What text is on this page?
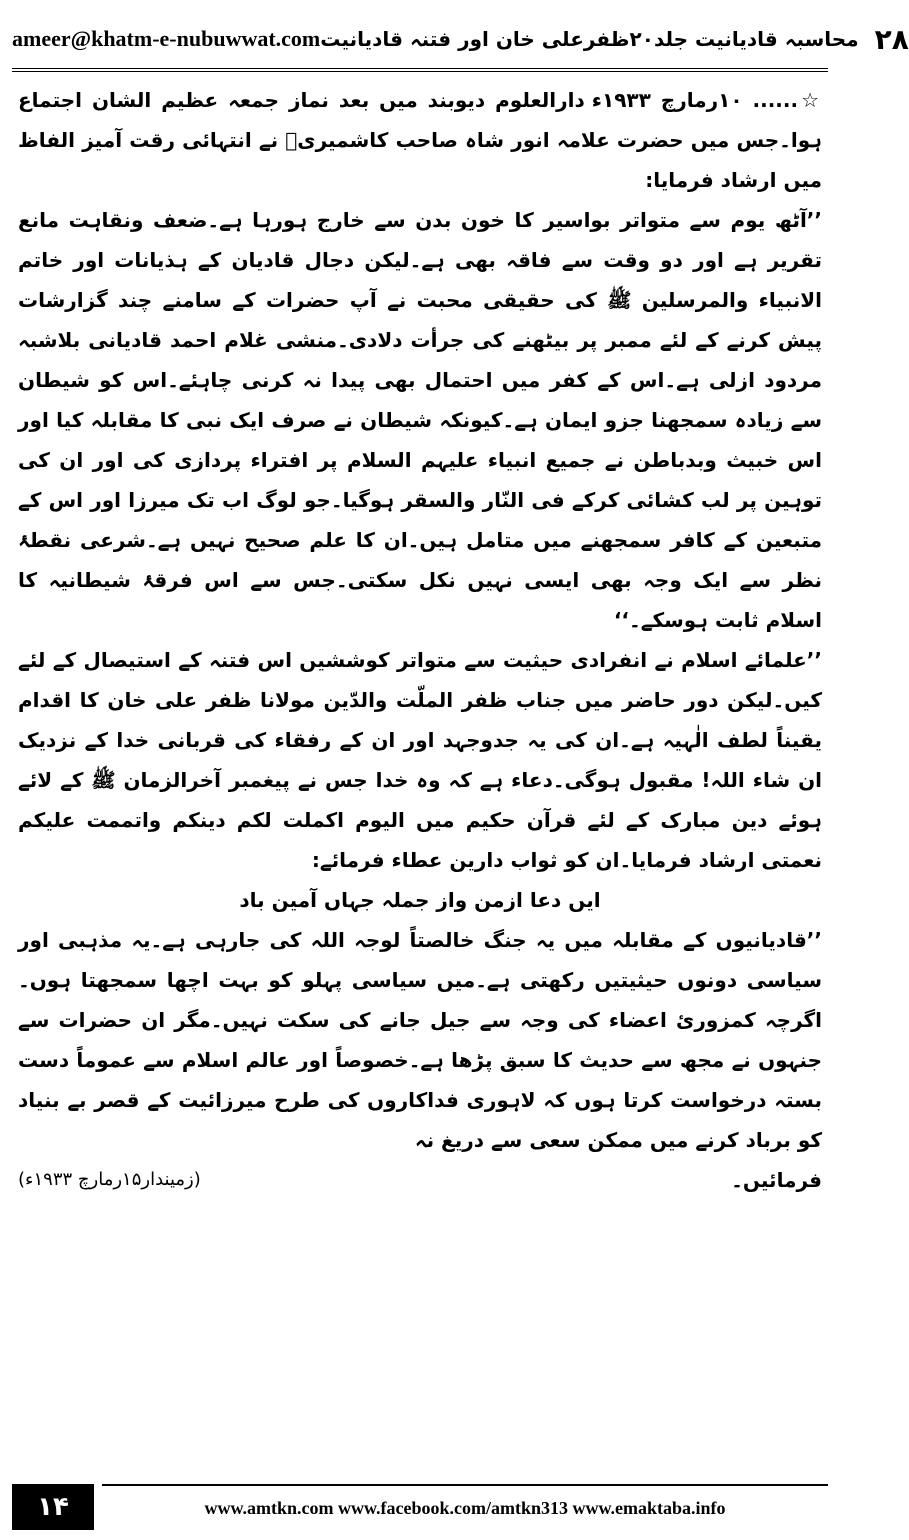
ameer@khatm-e-nubuwwat.com	۲۸
محاسبہ قادیانیت جلد۲۰ظفرعلی خان اور فتنہ قادیانیت

☆...... ۱۰رمارچ ۱۹۳۳ء دارالعلوم دیوبند میں بعد نماز جمعہ عظیم الشان اجتماع ہوا۔جس میں حضرت علامہ انور شاہ صاحب کاشمیریؒ نے انتہائی رقت آمیز الفاظ میں ارشاد فرمایا:

’’آٹھ یوم سے متواتر بواسیر کا خون بدن سے خارج ہورہا ہے۔ضعف ونقاہت مانع تقریر ہے اور دو وقت سے فاقہ بھی ہے۔لیکن دجال قادیان کے ہذیانات اور خاتم الانبیاء والمرسلین ﷺ کی حقیقی محبت نے آپ حضرات کے سامنے چند گزارشات پیش کرنے کے لئے ممبر پر بیٹھنے کی جرأت دلادی۔منشی غلام احمد قادیانی بلاشبہ مردود ازلی ہے۔اس کے کفر میں احتمال بھی پیدا نہ کرنی چاہئے۔اس کو شیطان سے زیادہ سمجھنا جزو ایمان ہے۔کیونکہ شیطان نے صرف ایک نبی کا مقابلہ کیا اور اس خبیث وبدباطن نے جمیع انبیاء علیہم السلام پر افتراء پردازی کی اور ان کی توہین پر لب کشائی کرکے فی النّار والسقر ہوگیا۔جو لوگ اب تک میرزا اور اس کے متبعین کے کافر سمجھنے میں متامل ہیں۔ان کا علم صحیح نہیں ہے۔شرعی نقطۂ نظر سے ایک وجہ بھی ایسی نہیں نکل سکتی۔جس سے اس فرقۂ شیطانیہ کا اسلام ثابت ہوسکے۔‘‘

’’علمائے اسلام نے انفرادی حیثیت سے متواتر کوششیں اس فتنہ کے استیصال کے لئے کیں۔لیکن دور حاضر میں جناب ظفر الملّت والدّین مولانا ظفر علی خان کا اقدام یقیناً لطف الٰہیہ ہے۔ان کی یہ جدوجہد اور ان کے رفقاء کی قربانی خدا کے نزدیک ان شاء اللہ! مقبول ہوگی۔دعاء ہے کہ وہ خدا جس نے پیغمبر آخرالزمان ﷺ کے لائے ہوئے دین مبارک کے لئے قرآن حکیم میں الیوم اکملت لکم دینکم واتممت علیکم نعمتی ارشاد فرمایا۔ان کو ثواب دارین عطاء فرمائے:

ایں دعا ازمن واز جملہ جہاں آمین باد

’’قادیانیوں کے مقابلہ میں یہ جنگ خالصتاً لوجہ اللہ کی جارہی ہے۔یہ مذہبی اور سیاسی دونوں حیثیتیں رکھتی ہے۔میں سیاسی پہلو کو بہت اچھا سمجھتا ہوں۔اگرچہ کمزوریٔ اعضاء کی وجہ سے جیل جانے کی سکت نہیں۔مگر ان حضرات سے جنہوں نے مجھ سے حدیث کا سبق پڑھا ہے۔خصوصاً اور عالم اسلام سے عموماً دست بستہ درخواست کرتا ہوں کہ لاہوری فداکاروں کی طرح میرزائیت کے قصر بے بنیاد کو برباد کرنے میں ممکن سعی سے دریغ نہ

فرمائیں۔
(زمیندار۱۵رمارچ ۱۹۳۳ء)

۱۴	www.amtkn.com www.facebook.com/amtkn313 www.emaktaba.info
